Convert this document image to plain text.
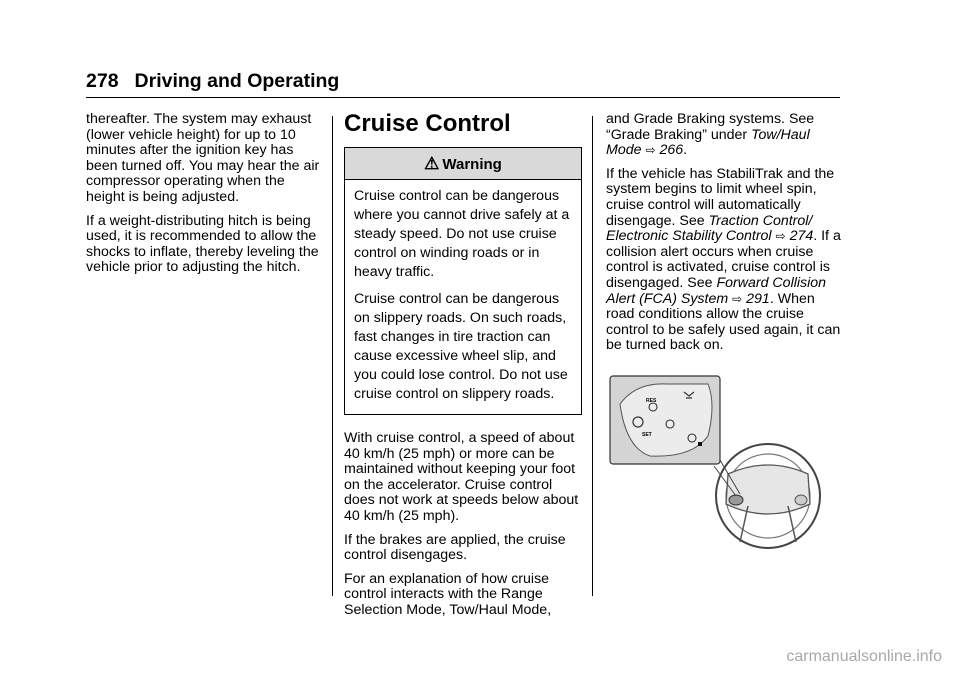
278 Driving and Operating

thereafter. The system may exhaust (lower vehicle height) for up to 10 minutes after the ignition key has been turned off. You may hear the air compressor operating when the height is being adjusted.

If a weight-distributing hitch is being used, it is recommended to allow the shocks to inflate, thereby leveling the vehicle prior to adjusting the hitch.

Cruise Control
⚠ Warning

Cruise control can be dangerous where you cannot drive safely at a steady speed. Do not use cruise control on winding roads or in heavy traffic.

Cruise control can be dangerous on slippery roads. On such roads, fast changes in tire traction can cause excessive wheel slip, and you could lose control. Do not use cruise control on slippery roads.

With cruise control, a speed of about 40 km/h (25 mph) or more can be maintained without keeping your foot on the accelerator. Cruise control does not work at speeds below about 40 km/h (25 mph).

If the brakes are applied, the cruise control disengages.

For an explanation of how cruise control interacts with the Range Selection Mode, Tow/Haul Mode,

and Grade Braking systems. See “Grade Braking” under Tow/Haul Mode ⇨ 266.

If the vehicle has StabiliTrak and the system begins to limit wheel spin, cruise control will automatically disengage. See Traction Control/ Electronic Stability Control ⇨ 274. If a collision alert occurs when cruise control is activated, cruise control is disengaged. See Forward Collision Alert (FCA) System ⇨ 291. When road conditions allow the cruise control to be safely used again, it can be turned back on.

RES
SET
carmanualsonline.info
